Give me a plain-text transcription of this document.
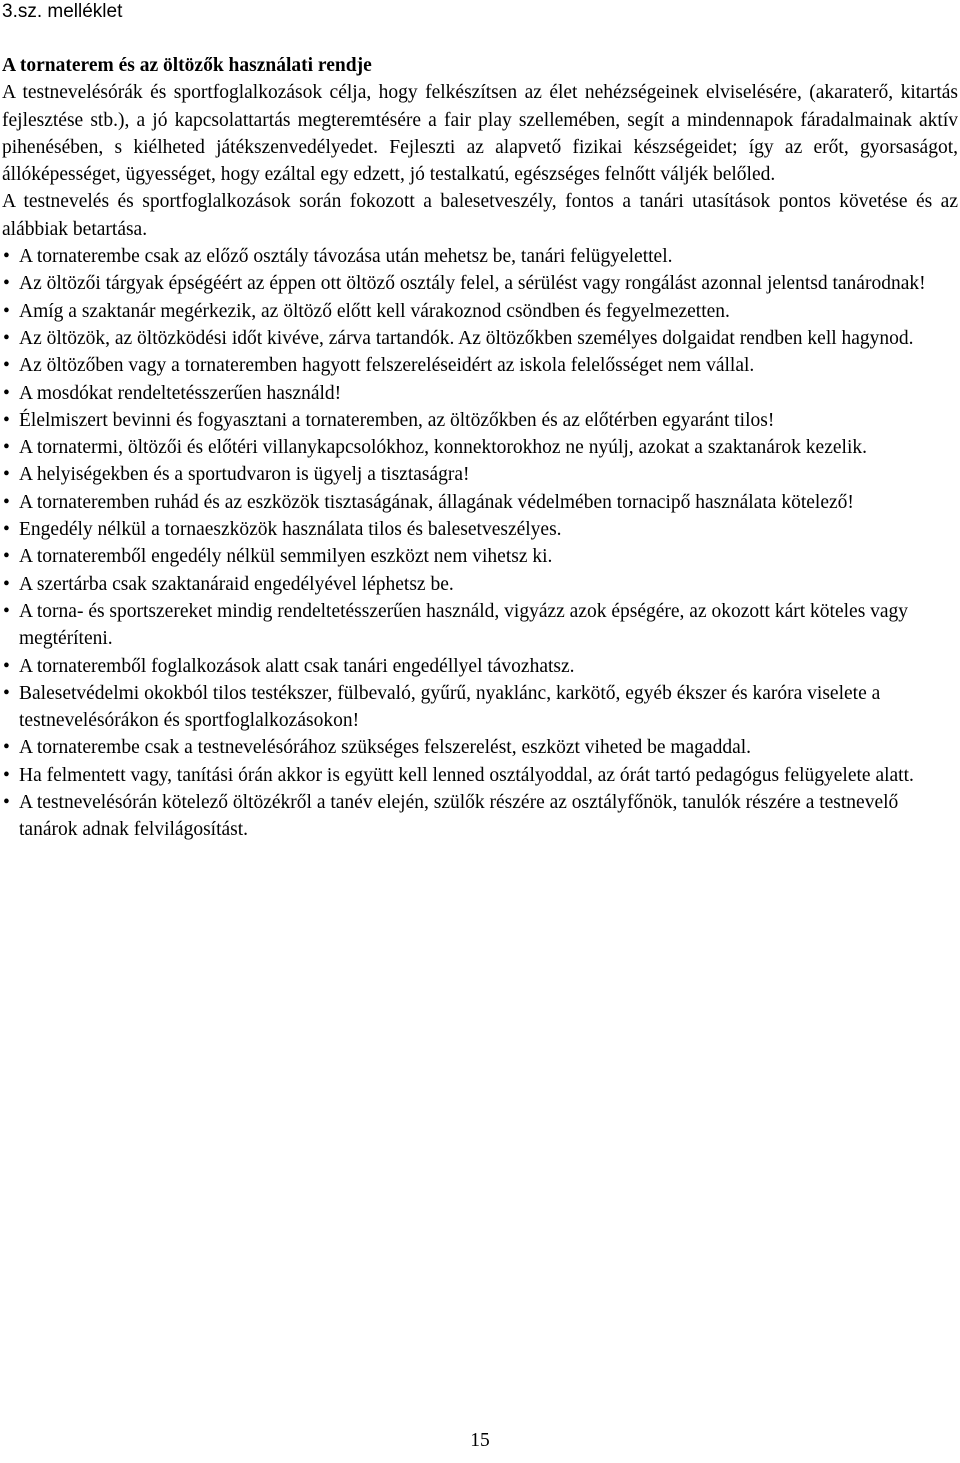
3.sz. melléklet

A tornaterem és az öltözők használati rendje

A testnevelésórák és sportfoglalkozások célja, hogy felkészítsen az élet nehézségeinek elviselésére, (akaraterő, kitartás fejlesztése stb.), a jó kapcsolattartás megteremtésére a fair play szellemében, segít a mindennapok fáradalmainak aktív pihenésében, s kiélheted játékszenvedélyedet. Fejleszti az alapvető fizikai készségeidet; így az erőt, gyorsaságot, állóképességet, ügyességet, hogy ezáltal egy edzett, jó testalkatú, egészséges felnőtt váljék belőled.

A testnevelés és sportfoglalkozások során fokozott a balesetveszély, fontos a tanári utasítások pontos követése és az alábbiak betartása.

• A tornaterembe csak az előző osztály távozása után mehetsz be, tanári felügyelettel.
• Az öltözői tárgyak épségéért az éppen ott öltöző osztály felel, a sérülést vagy rongálást azonnal jelentsd tanárodnak!
• Amíg a szaktanár megérkezik, az öltöző előtt kell várakoznod csöndben és fegyelmezetten.
• Az öltözök, az öltözködési időt kivéve, zárva tartandók. Az öltözőkben személyes dolgaidat rendben kell hagynod.
• Az öltözőben vagy a tornateremben hagyott felszereléseidért az iskola felelősséget nem vállal.
• A mosdókat rendeltetésszerűen használd!
• Élelmiszert bevinni és fogyasztani a tornateremben, az öltözőkben és az előtérben egyaránt tilos!
• A tornatermi, öltözői és előtéri villanykapcsolókhoz, konnektorokhoz ne nyúlj, azokat a szaktanárok kezelik.
• A helyiségekben és a sportudvaron is ügyelj a tisztaságra!
• A tornateremben ruhád és az eszközök tisztaságának, állagának védelmében tornacipő használata kötelező!
• Engedély nélkül a tornaeszközök használata tilos és balesetveszélyes.
• A tornateremből engedély nélkül semmilyen eszközt nem vihetsz ki.
• A szertárba csak szaktanáraid engedélyével léphetsz be.
• A torna- és sportszereket mindig rendeltetésszerűen használd, vigyázz azok épségére, az okozott kárt köteles vagy megtéríteni.
• A tornateremből foglalkozások alatt csak tanári engedéllyel távozhatsz.
• Balesetvédelmi okokból tilos testékszer, fülbevaló, gyűrű, nyaklánc, karkötő, egyéb ékszer és karóra viselete a testnevelésórákon és sportfoglalkozásokon!
• A tornaterembe csak a testnevelésórához szükséges felszerelést, eszközt viheted be magaddal.
• Ha felmentett vagy, tanítási órán akkor is együtt kell lenned osztályoddal, az órát tartó pedagógus felügyelete alatt.
• A testnevelésórán kötelező öltözékről a tanév elején, szülők részére az osztályfőnök, tanulók részére a testnevelő tanárok adnak felvilágosítást.
15
